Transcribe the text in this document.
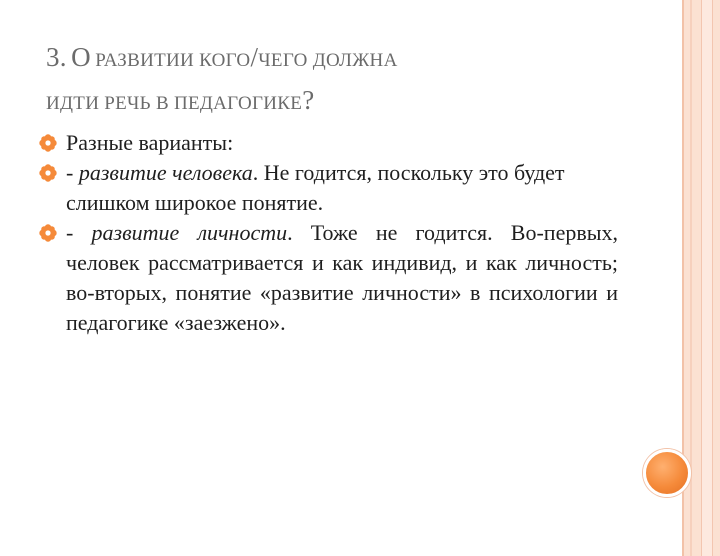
3. О РАЗВИТИИ КОГО/ЧЕГО ДОЛЖНА
ИДТИ РЕЧЬ В ПЕДАГОГИКЕ?
Разные варианты:
- развитие человека. Не годится, поскольку это будет слишком широкое понятие.
- развитие личности. Тоже не годится. Во-первых, человек рассматривается и как индивид, и как личность; во-вторых, понятие «развитие личности» в психологии и педагогике «заезжено».
